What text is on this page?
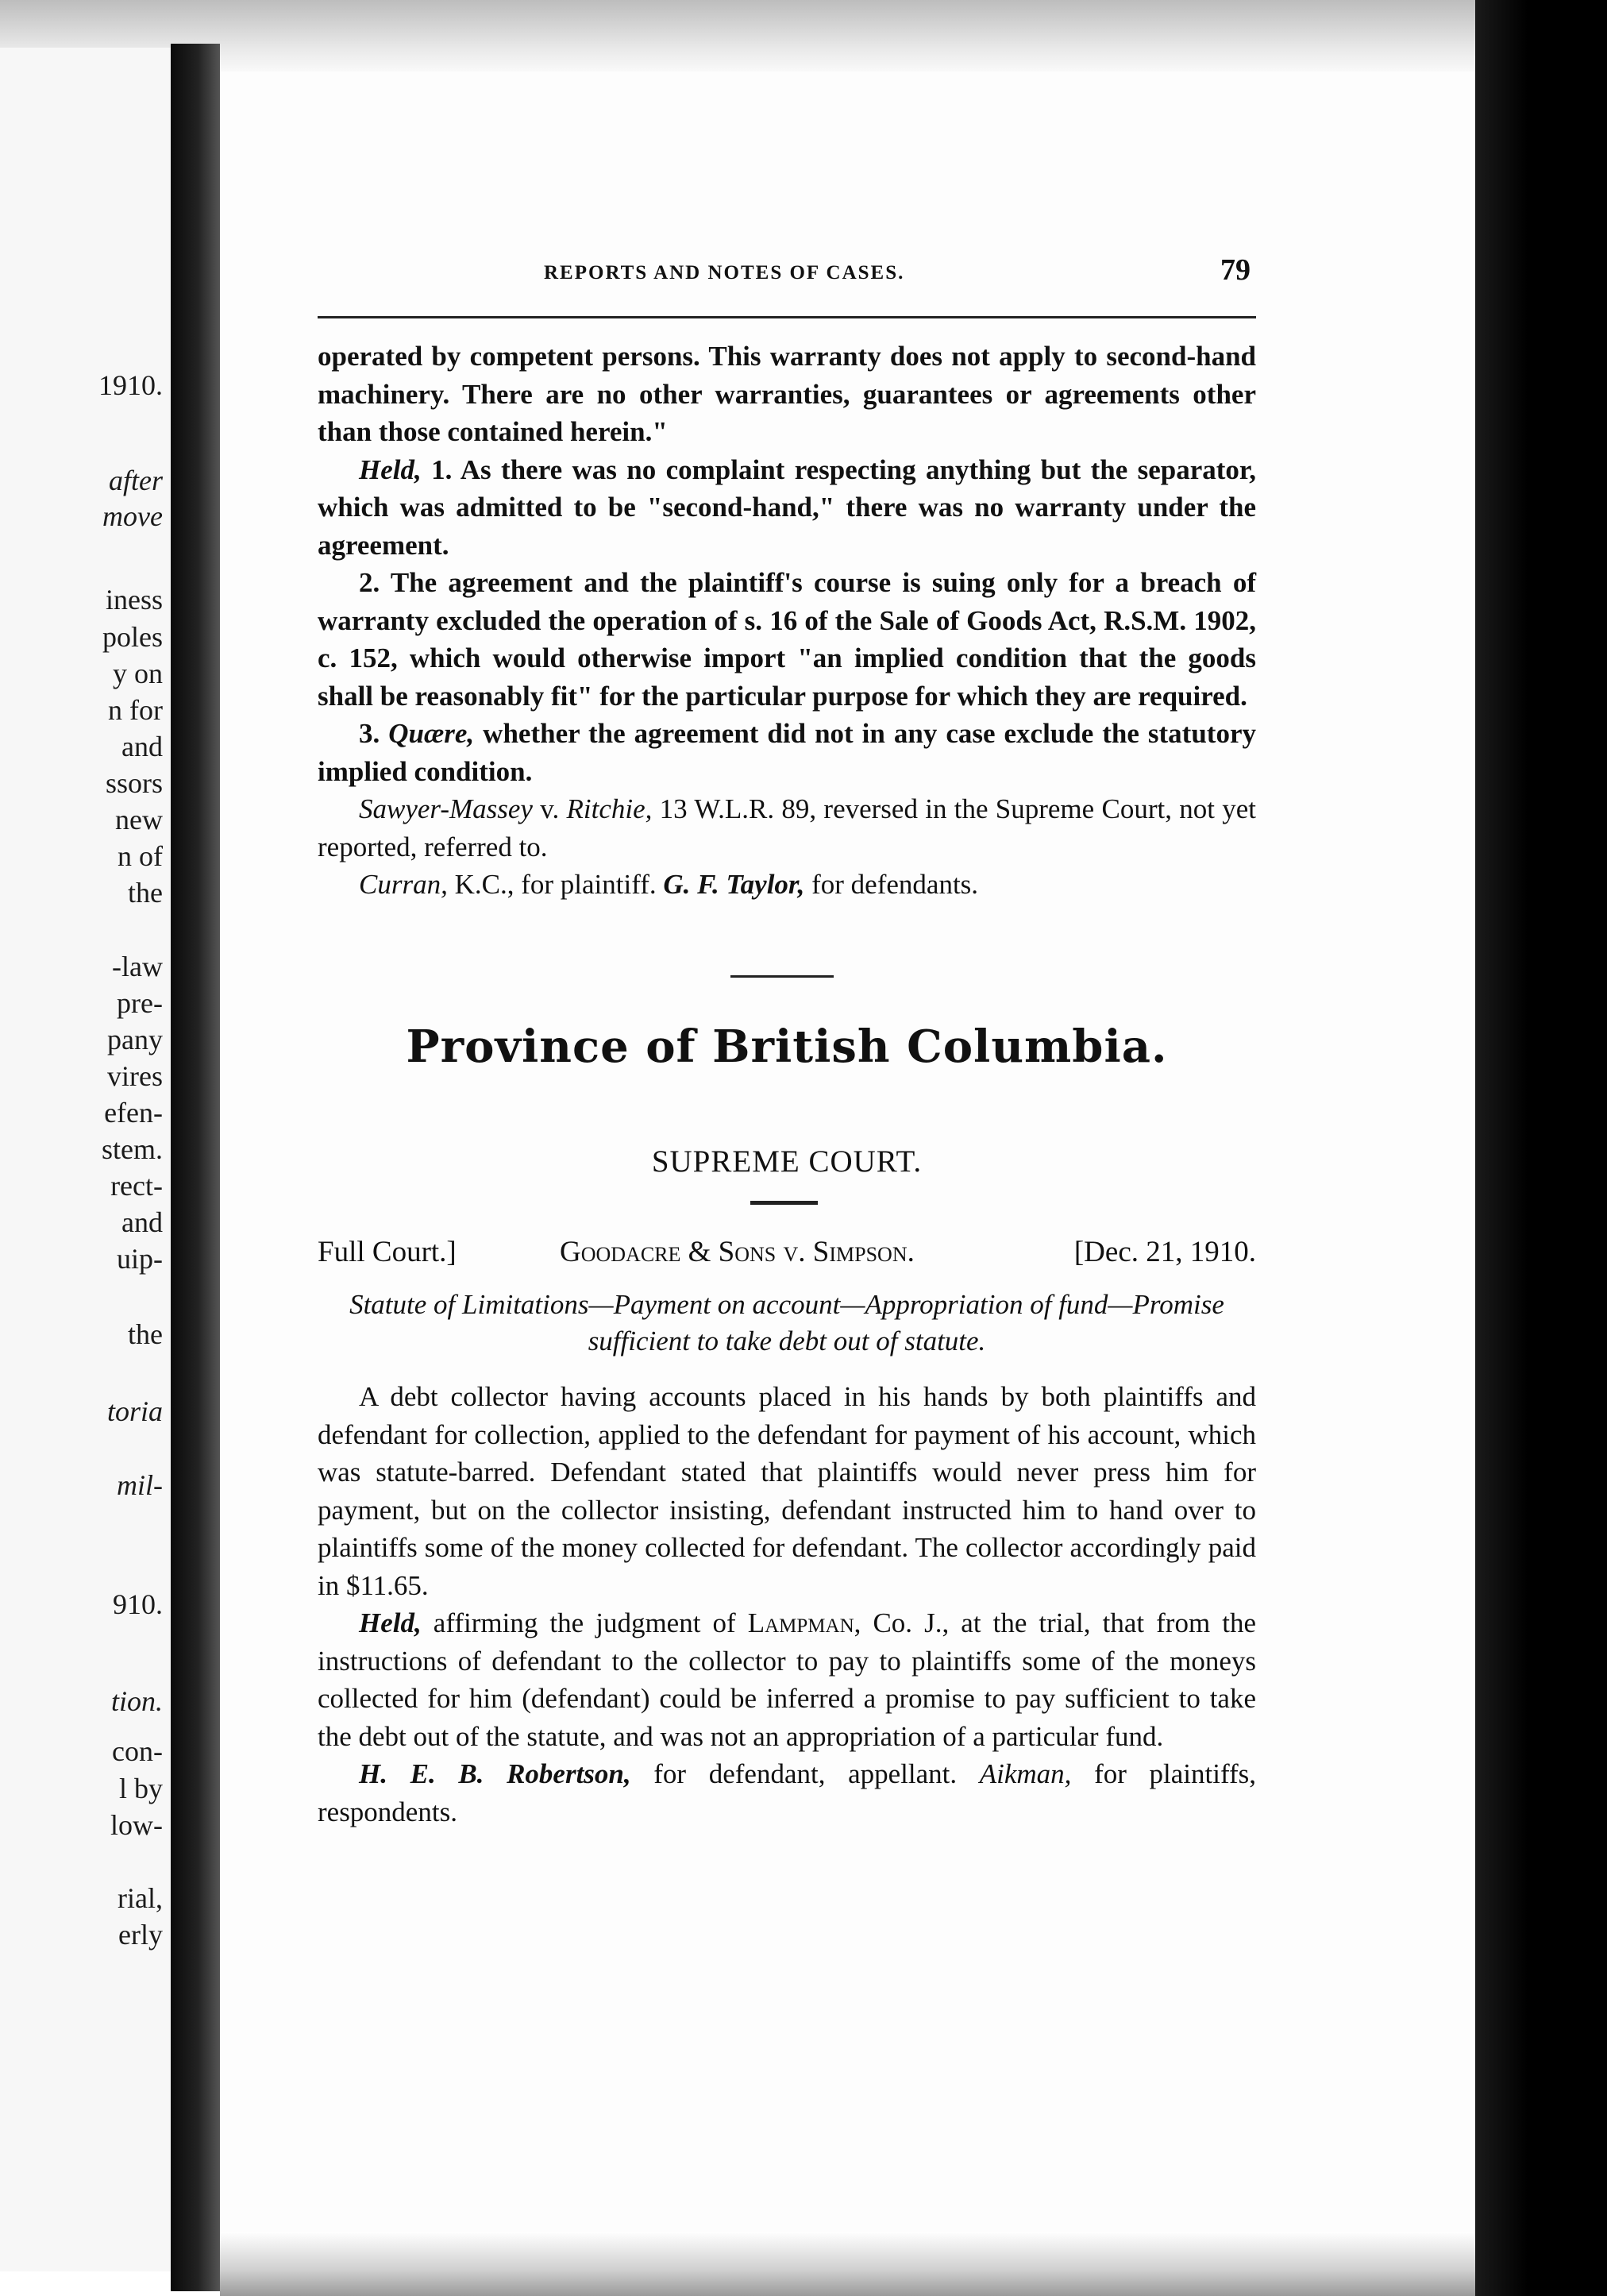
REPORTS AND NOTES OF CASES.	79

operated by competent persons. This warranty does not apply to second-hand machinery. There are no other warranties, guarantees or agreements other than those contained herein."

Held, 1. As there was no complaint respecting anything but the separator, which was admitted to be "second-hand," there was no warranty under the agreement.

2. The agreement and the plaintiff's course is suing only for a breach of warranty excluded the operation of s. 16 of the Sale of Goods Act, R.S.M. 1902, c. 152, which would otherwise import "an implied condition that the goods shall be reasonably fit" for the particular purpose for which they are required.

3. Quære, whether the agreement did not in any case exclude the statutory implied condition.

Sawyer-Massey v. Ritchie, 13 W.L.R. 89, reversed in the Supreme Court, not yet reported, referred to.

Curran, K.C., for plaintiff. G. F. Taylor, for defendants.

Province of British Columbia.
SUPREME COURT.
Full Court.]	Goodacre & Sons v. Simpson.	[Dec. 21, 1910.
Statute of Limitations—Payment on account—Appropriation of fund—Promise sufficient to take debt out of statute.

A debt collector having accounts placed in his hands by both plaintiffs and defendant for collection, applied to the defendant for payment of his account, which was statute-barred. Defendant stated that plaintiffs would never press him for payment, but on the collector insisting, defendant instructed him to hand over to plaintiffs some of the money collected for defendant. The collector accordingly paid in $11.65.

Held, affirming the judgment of Lampman, Co. J., at the trial, that from the instructions of defendant to the collector to pay to plaintiffs some of the moneys collected for him (defendant) could be inferred a promise to pay sufficient to take the debt out of the statute, and was not an appropriation of a particular fund.

H. E. B. Robertson, for defendant, appellant. Aikman, for plaintiffs, respondents.

1910.
after
move
iness
poles
y on
n for
and
ssors
new
n of
the
-law
pre-
pany
vires
efen-
stem.
rect-
and
uip-
the
toria
mil-
910.
tion.
con-
l by
low-
rial,
erly
